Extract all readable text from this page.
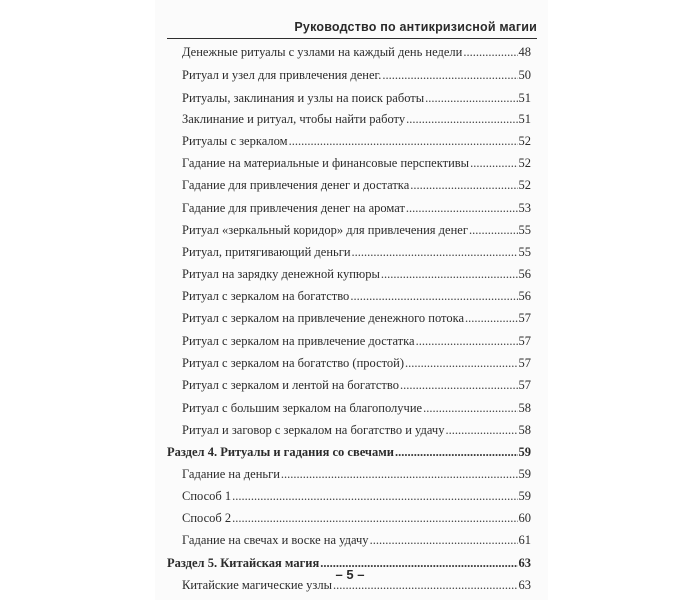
Руководство по антикризисной магии
Денежные ритуалы с узлами на каждый день недели .....	48
Ритуал и узел для привлечения денег. .....	50
Ритуалы, заклинания и узлы на поиск работы .....	51
Заклинание и ритуал, чтобы найти работу .....	51
Ритуалы с зеркалом .....	52
Гадание на материальные и финансовые перспективы .....	52
Гадание для привлечения денег и достатка .....	52
Гадание для привлечения денег на аромат .....	53
Ритуал «зеркальный коридор» для привлечения денег .....	55
Ритуал, притягивающий деньги .....	55
Ритуал на зарядку денежной купюры .....	56
Ритуал с зеркалом на богатство .....	56
Ритуал с зеркалом на привлечение денежного потока .....	57
Ритуал с зеркалом на привлечение достатка .....	57
Ритуал с зеркалом на богатство (простой) .....	57
Ритуал с зеркалом и лентой на богатство .....	57
Ритуал с большим зеркалом на благополучие .....	58
Ритуал и заговор с зеркалом на богатство и удачу .....	58
Раздел 4. Ритуалы и гадания со свечами .....	59
Гадание на деньги .....	59
Способ 1 .....	59
Способ 2 .....	60
Гадание на свечах и воске на удачу .....	61
Раздел 5. Китайская магия .....	63
Китайские магические узлы .....	63
– 5 –
